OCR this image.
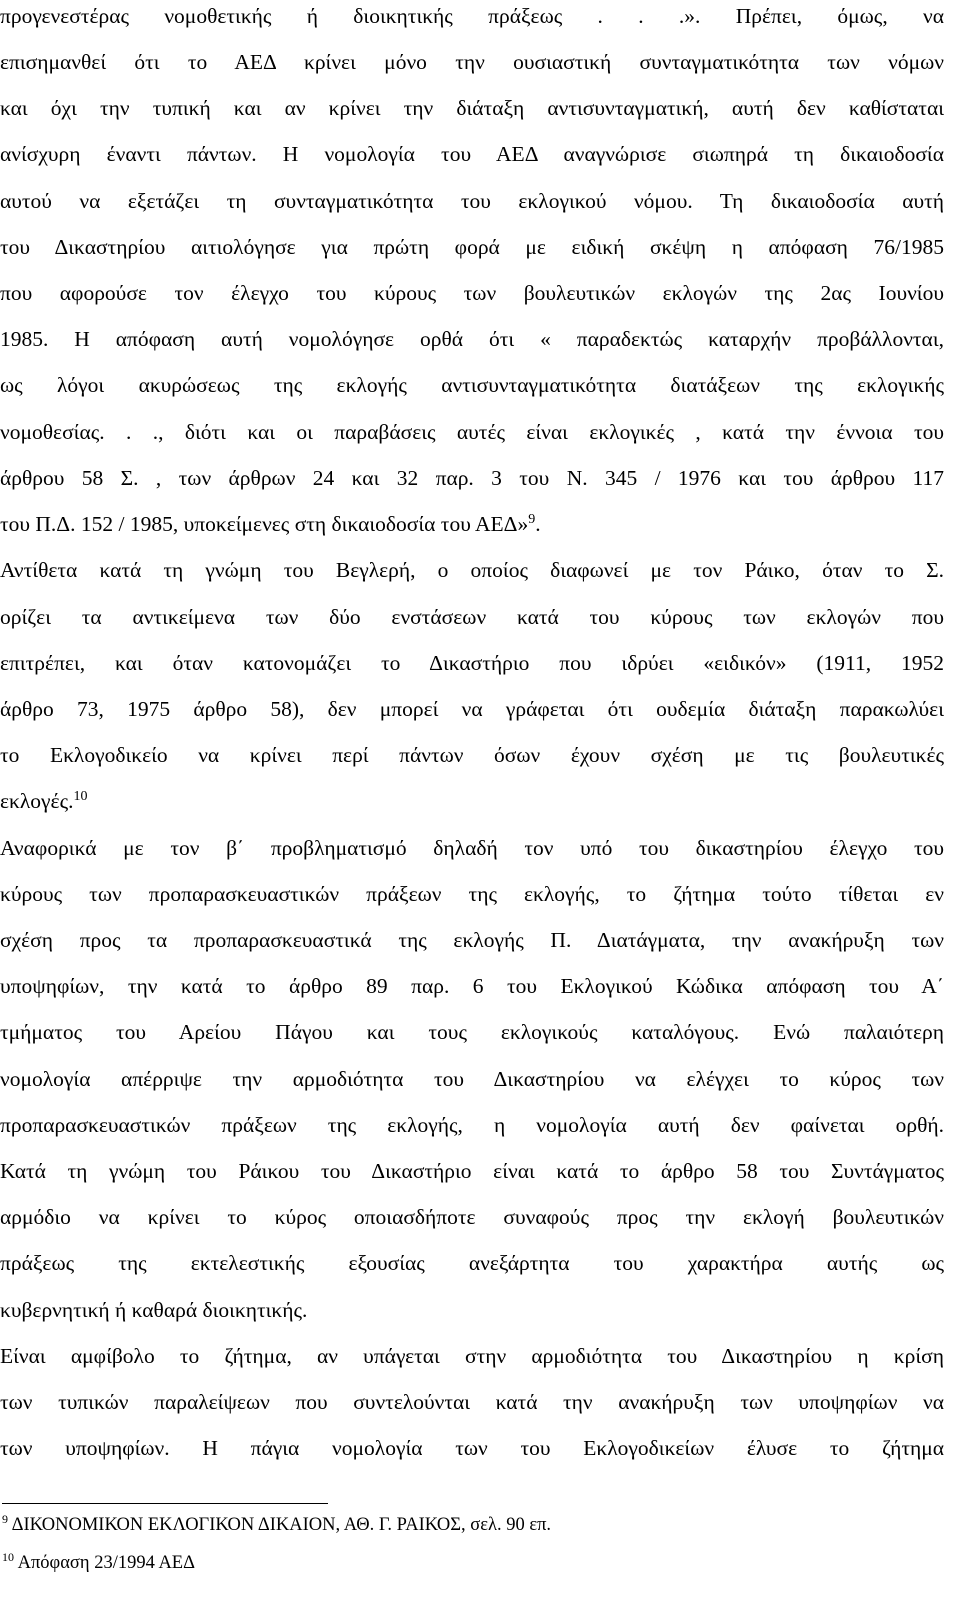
προγενεστέρας νομοθετικής ή διοικητικής πράξεως . . .». Πρέπει, όμως, να
επισημανθεί ότι το ΑΕΔ κρίνει μόνο την ουσιαστική συνταγματικότητα των νόμων
και όχι την τυπική και αν κρίνει την διάταξη αντισυνταγματική, αυτή δεν καθίσταται
ανίσχυρη έναντι πάντων. Η νομολογία του ΑΕΔ αναγνώρισε σιωπηρά τη δικαιοδοσία
αυτού να εξετάζει τη συνταγματικότητα του εκλογικού νόμου. Τη δικαιοδοσία αυτή
του Δικαστηρίου αιτιολόγησε για πρώτη φορά με ειδική σκέψη η απόφαση 76/1985
που αφορούσε τον έλεγχο του κύρους των βουλευτικών εκλογών της 2ας Ιουνίου
1985. Η απόφαση αυτή νομολόγησε ορθά ότι « παραδεκτώς καταρχήν προβάλλονται,
ως λόγοι ακυρώσεως της εκλογής αντισυνταγματικότητα διατάξεων της εκλογικής
νομοθεσίας. . ., διότι και οι παραβάσεις αυτές είναι εκλογικές , κατά την έννοια του
άρθρου 58 Σ. , των άρθρων 24 και 32 παρ. 3 του Ν. 345 / 1976 και του άρθρου 117
του Π.Δ. 152 / 1985, υποκείμενες στη δικαιοδοσία του ΑΕΔ»$^9$.
Αντίθετα κατά τη γνώμη του Βεγλερή, ο οποίος διαφωνεί με τον Ράικο, όταν το Σ.
ορίζει τα αντικείμενα των δύο ενστάσεων κατά του κύρους των εκλογών που
επιτρέπει, και όταν κατονομάζει το Δικαστήριο που ιδρύει «ειδικόν» (1911, 1952
άρθρο 73, 1975 άρθρο 58), δεν μπορεί να γράφεται ότι ουδεμία διάταξη παρακωλύει
το Εκλογοδικείο να κρίνει περί πάντων όσων έχουν σχέση με τις βουλευτικές
εκλογές.$^{10}$
Αναφορικά με τον β΄ προβληματισμό δηλαδή τον υπό του δικαστηρίου έλεγχο του
κύρους των προπαρασκευαστικών πράξεων της εκλογής, το ζήτημα τούτο τίθεται εν
σχέση προς τα προπαρασκευαστικά της εκλογής Π. Διατάγματα, την ανακήρυξη των
υποψηφίων, την κατά το άρθρο 89 παρ. 6 του Εκλογικού Κώδικα απόφαση του Α΄
τμήματος του Αρείου Πάγου και τους εκλογικούς καταλόγους. Ενώ παλαιότερη
νομολογία απέρριψε την αρμοδιότητα του Δικαστηρίου να ελέγχει το κύρος των
προπαρασκευαστικών πράξεων της εκλογής, η νομολογία αυτή δεν φαίνεται ορθή.
Κατά τη γνώμη του Ράικου του Δικαστήριο είναι κατά το άρθρο 58 του Συντάγματος
αρμόδιο να κρίνει το κύρος οποιασδήποτε συναφούς προς την εκλογή βουλευτικών
πράξεως της εκτελεστικής εξουσίας ανεξάρτητα του χαρακτήρα αυτής ως
κυβερνητική ή καθαρά διοικητικής.
Είναι αμφίβολο το ζήτημα, αν υπάγεται στην αρμοδιότητα του Δικαστηρίου η κρίση
των τυπικών παραλείψεων που συντελούνται κατά την ανακήρυξη των υποψηφίων να
των υποψηφίων. Η πάγια νομολογία των του Εκλογοδικείων έλυσε το ζήτημα
$^9$ ΔΙΚΟΝΟΜΙΚΟΝ ΕΚΛΟΓΙΚΟΝ ΔΙΚΑΙΟΝ, ΑΘ. Γ. ΡΑΙΚΟΣ, σελ. 90 επ.
$^{10}$ Απόφαση 23/1994 ΑΕΔ
